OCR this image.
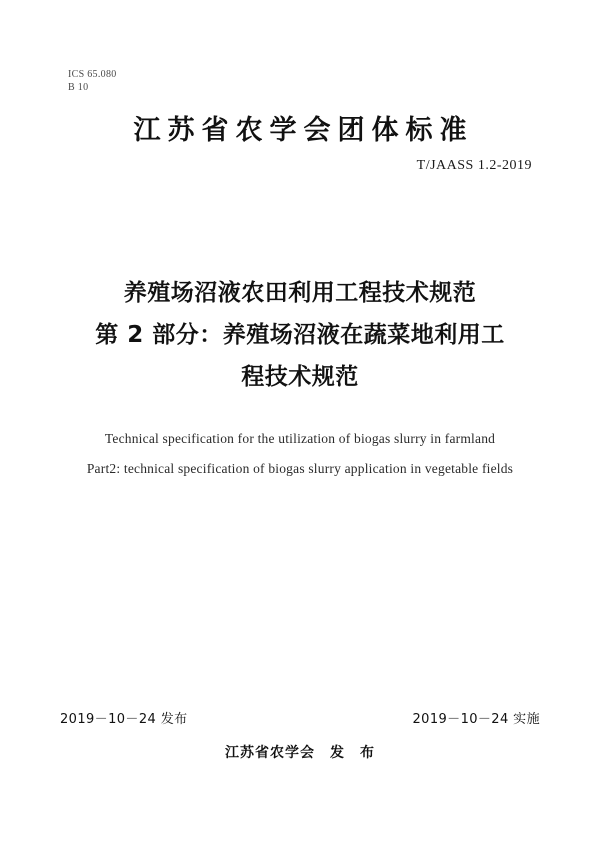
ICS 65.080
B 10
江苏省农学会团体标准
T/JAASS 1.2-2019
养殖场沼液农田利用工程技术规范
第 2 部分：养殖场沼液在蔬菜地利用工
程技术规范
Technical specification for the utilization of biogas slurry in farmland
Part2: technical specification of biogas slurry application in vegetable fields
2019－10－24 发布	2019－10－24 实施
江苏省农学会　发　布
